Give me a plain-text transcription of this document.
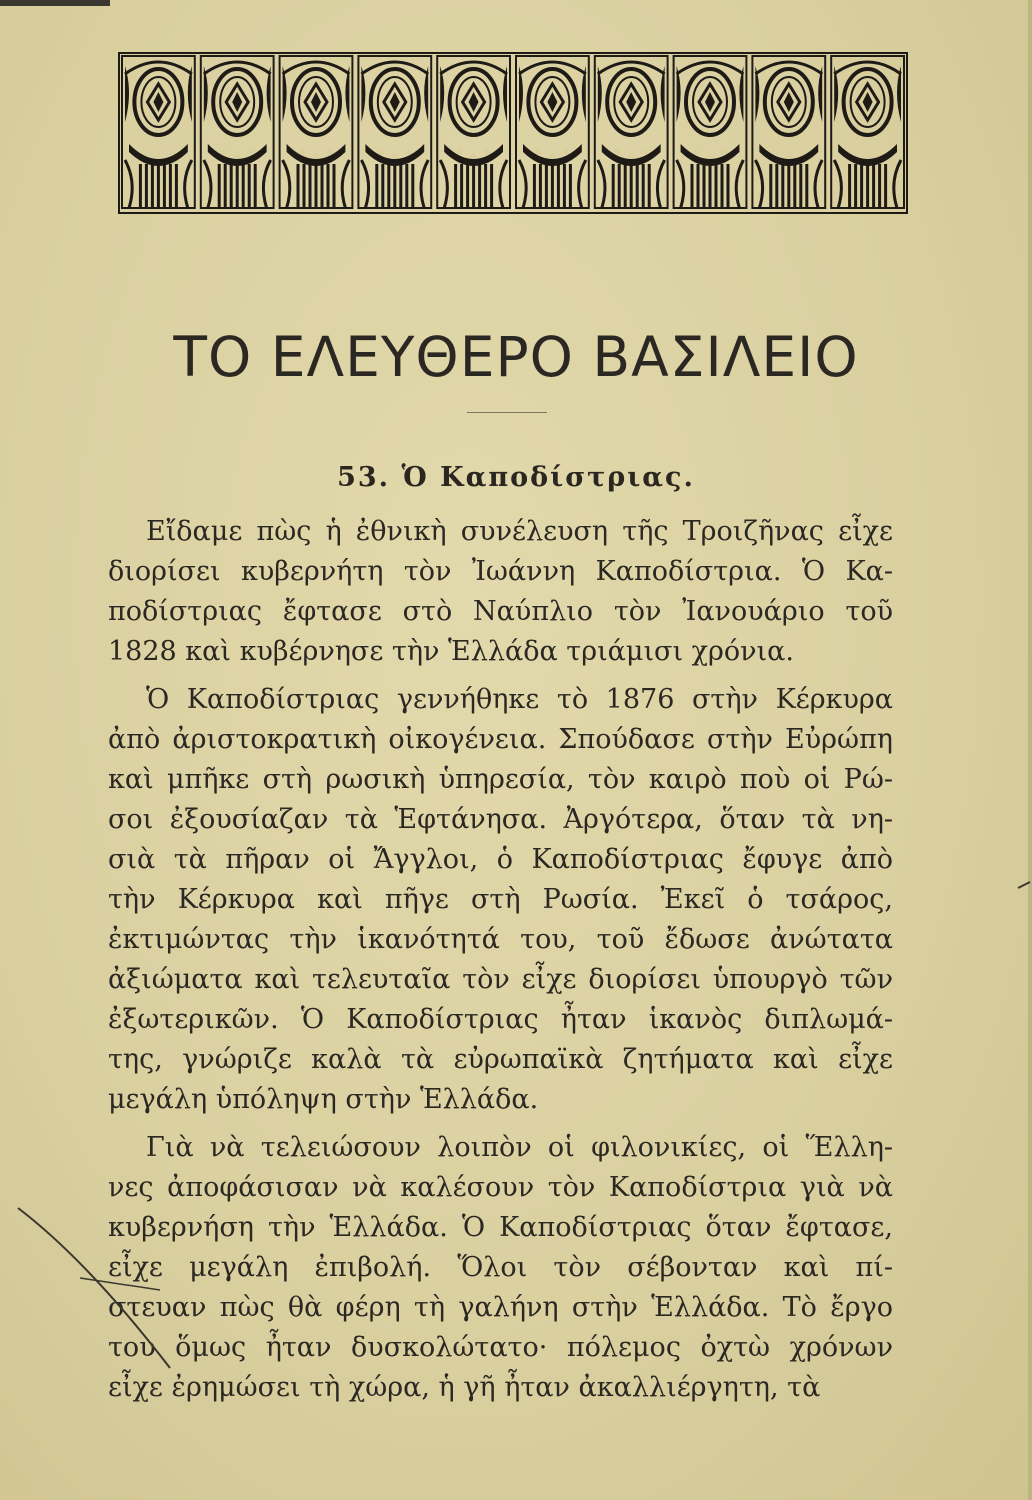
ΤΟ ΕΛΕΥΘΕΡΟ ΒΑΣΙΛΕΙΟ
53. Ὁ Καποδίστριας.
Εἴδαμε πὼς ἡ ἐθνικὴ συνέλευση τῆς Τροιζῆνας εἶχε
διορίσει κυβερνήτη τὸν Ἰωάννη Καποδίστρια. Ὁ Κα-
ποδίστριας ἔφτασε στὸ Ναύπλιο τὸν Ἰανουάριο τοῦ
1828 καὶ κυβέρνησε τὴν Ἑλλάδα τριάμισι χρόνια.
Ὁ Καποδίστριας γεννήθηκε τὸ 1876 στὴν Κέρκυρα
ἀπὸ ἀριστοκρατικὴ οἰκογένεια. Σπούδασε στὴν Εὐρώπη
καὶ μπῆκε στὴ ρωσικὴ ὑπηρεσία, τὸν καιρὸ ποὺ οἱ Ρώ-
σοι ἐξουσίαζαν τὰ Ἑφτάνησα. Ἀργότερα, ὅταν τὰ νη-
σιὰ τὰ πῆραν οἱ Ἄγγλοι, ὁ Καποδίστριας ἔφυγε ἀπὸ
τὴν Κέρκυρα καὶ πῆγε στὴ Ρωσία. Ἐκεῖ ὁ τσάρος,
ἐκτιμώντας τὴν ἱκανότητά του, τοῦ ἔδωσε ἀνώτατα
ἀξιώματα καὶ τελευταῖα τὸν εἶχε διορίσει ὑπουργὸ τῶν
ἐξωτερικῶν. Ὁ Καποδίστριας ἦταν ἱκανὸς διπλωμά-
της, γνώριζε καλὰ τὰ εὐρωπαϊκὰ ζητήματα καὶ εἶχε
μεγάλη ὑπόληψη στὴν Ἑλλάδα.
Γιὰ νὰ τελειώσουν λοιπὸν οἱ φιλονικίες, οἱ Ἕλλη-
νες ἀποφάσισαν νὰ καλέσουν τὸν Καποδίστρια γιὰ νὰ
κυβερνήση τὴν Ἑλλάδα. Ὁ Καποδίστριας ὅταν ἔφτασε,
εἶχε μεγάλη ἐπιβολή. Ὅλοι τὸν σέβονταν καὶ πί-
στευαν πὼς θὰ φέρη τὴ γαλήνη στὴν Ἑλλάδα. Τὸ ἔργο
του ὅμως ἦταν δυσκολώτατο· πόλεμος ὀχτὼ χρόνων
εἶχε ἐρημώσει τὴ χώρα, ἡ γῆ ἦταν ἀκαλλιέργητη, τὰ
